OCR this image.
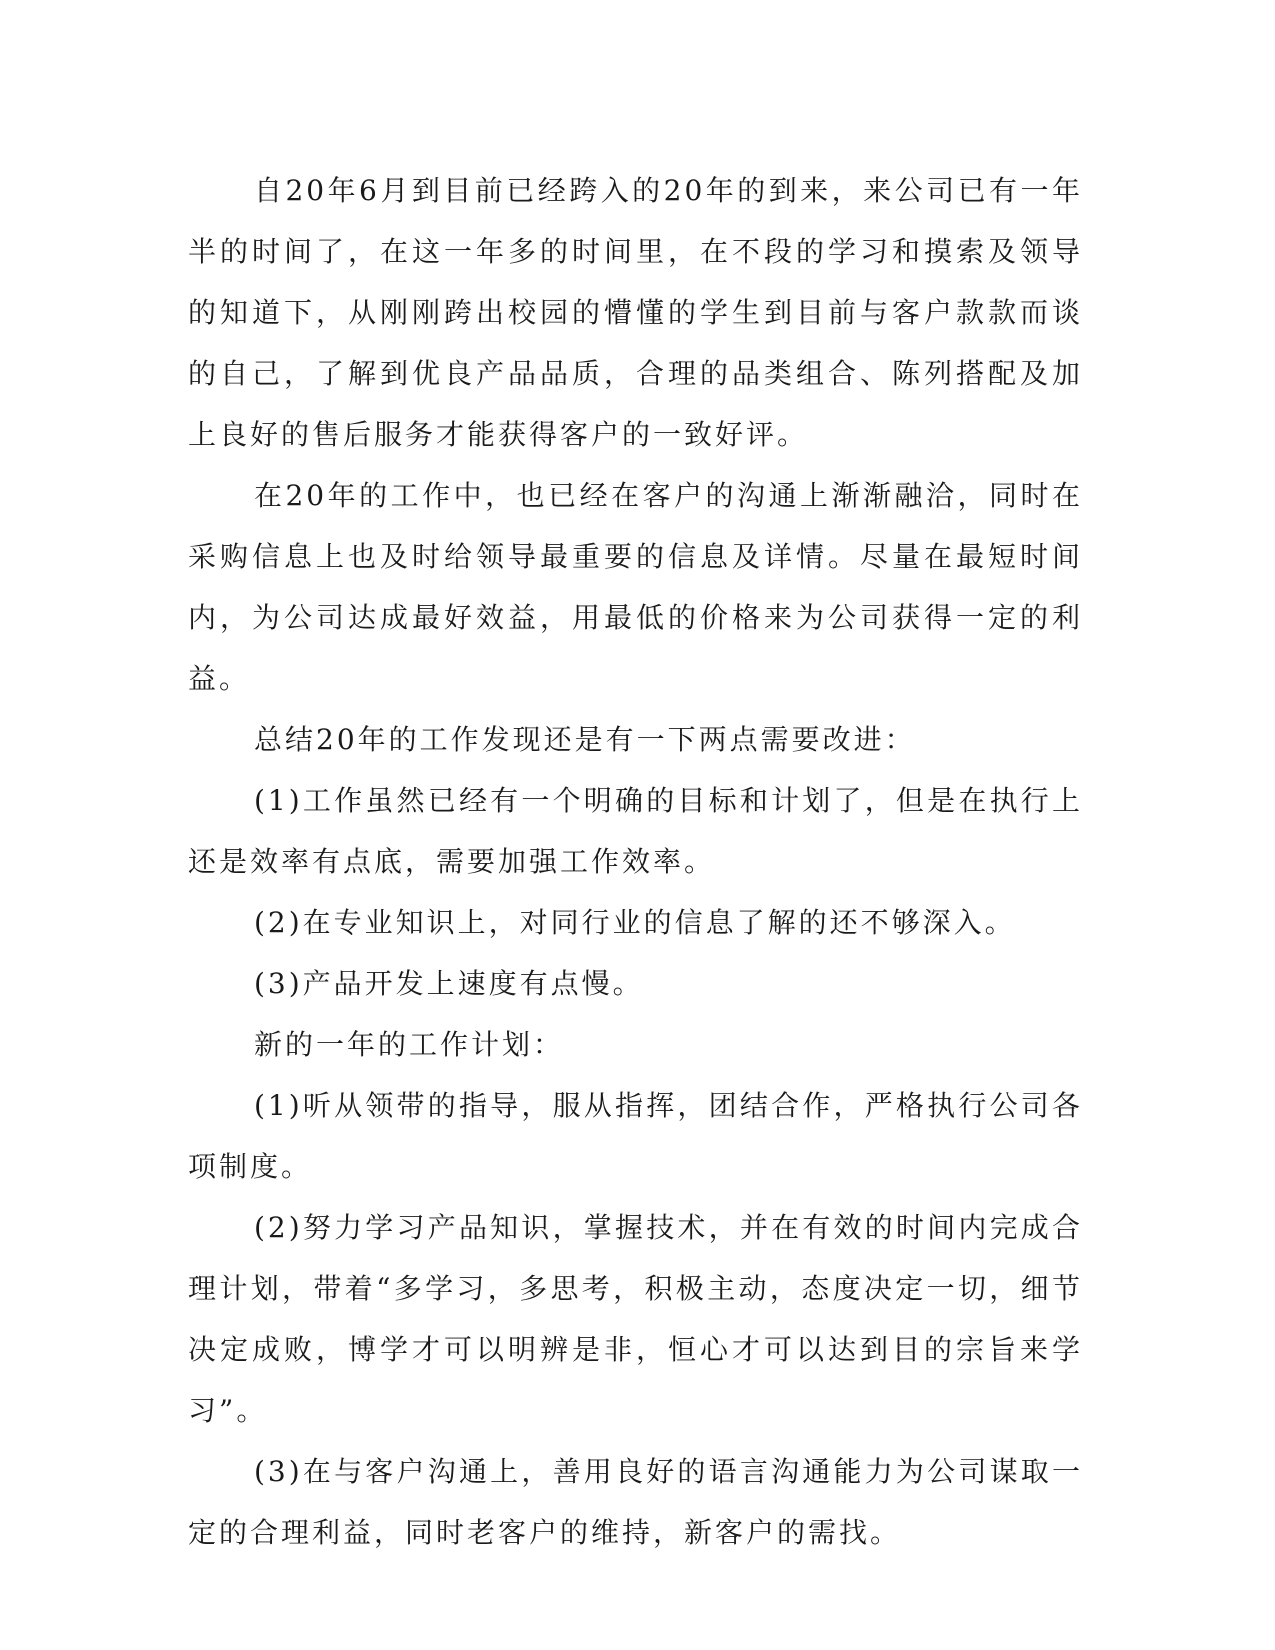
自20年6月到目前已经跨入的20年的到来，来公司已有一年半的时间了，在这一年多的时间里，在不段的学习和摸索及领导的知道下，从刚刚跨出校园的懵懂的学生到目前与客户款款而谈的自己，了解到优良产品品质，合理的品类组合、陈列搭配及加上良好的售后服务才能获得客户的一致好评。

在20年的工作中，也已经在客户的沟通上渐渐融洽，同时在采购信息上也及时给领导最重要的信息及详情。尽量在最短时间内，为公司达成最好效益，用最低的价格来为公司获得一定的利益。

总结20年的工作发现还是有一下两点需要改进：

(1)工作虽然已经有一个明确的目标和计划了，但是在执行上还是效率有点底，需要加强工作效率。

(2)在专业知识上，对同行业的信息了解的还不够深入。

(3)产品开发上速度有点慢。

新的一年的工作计划：

(1)听从领带的指导，服从指挥，团结合作，严格执行公司各项制度。

(2)努力学习产品知识，掌握技术，并在有效的时间内完成合理计划，带着“多学习，多思考，积极主动，态度决定一切，细节决定成败，博学才可以明辨是非，恒心才可以达到目的宗旨来学习”。

(3)在与客户沟通上，善用良好的语言沟通能力为公司谋取一定的合理利益，同时老客户的维持，新客户的需找。
